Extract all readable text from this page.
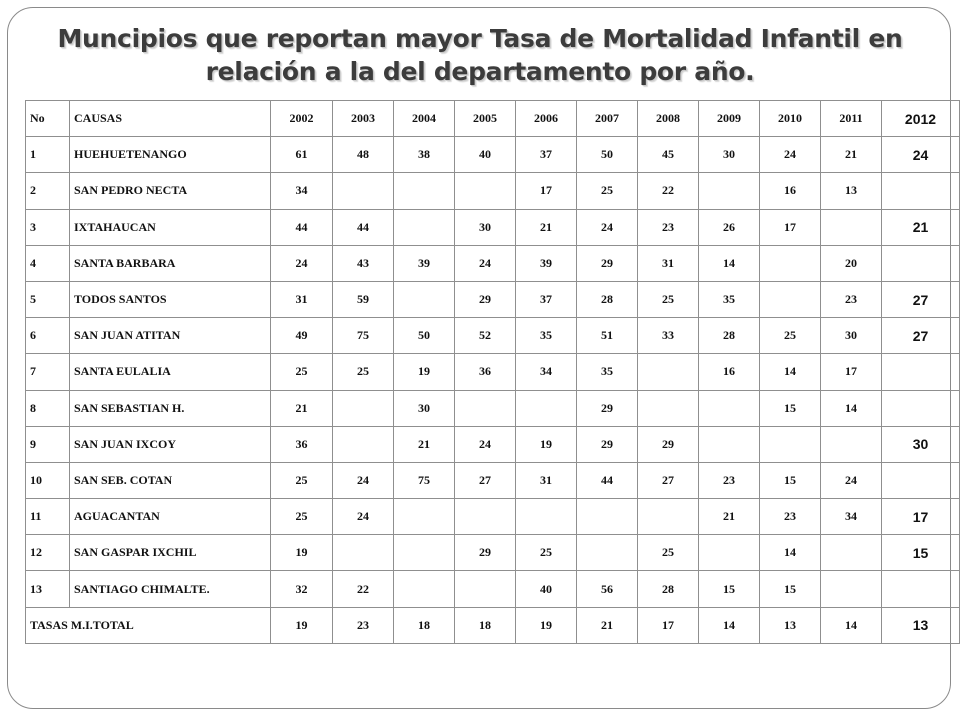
Muncipios que reportan mayor Tasa de Mortalidad Infantil en
relación a la del departamento por año.
No	CAUSAS	2002	2003	2004	2005	2006	2007	2008	2009	2010	2011	2012
1	HUEHUETENANGO	61	48	38	40	37	50	45	30	24	21	24
2	SAN PEDRO NECTA	34				17	25	22		16	13	
3	IXTAHAUCAN	44	44		30	21	24	23	26	17		21
4	SANTA BARBARA	24	43	39	24	39	29	31	14		20	
5	TODOS SANTOS	31	59		29	37	28	25	35		23	27
6	SAN JUAN ATITAN	49	75	50	52	35	51	33	28	25	30	27
7	SANTA EULALIA	25	25	19	36	34	35		16	14	17	
8	SAN SEBASTIAN H.	21		30			29			15	14	
9	SAN JUAN IXCOY	36		21	24	19	29	29				30
10	SAN SEB. COTAN	25	24	75	27	31	44	27	23	15	24	
11	AGUACANTAN	25	24						21	23	34	17
12	SAN GASPAR IXCHIL	19			29	25		25		14		15
13	SANTIAGO CHIMALTE.	32	22			40	56	28	15	15		
TASAS M.I.TOTAL		19	23	18	18	19	21	17	14	13	14	13
